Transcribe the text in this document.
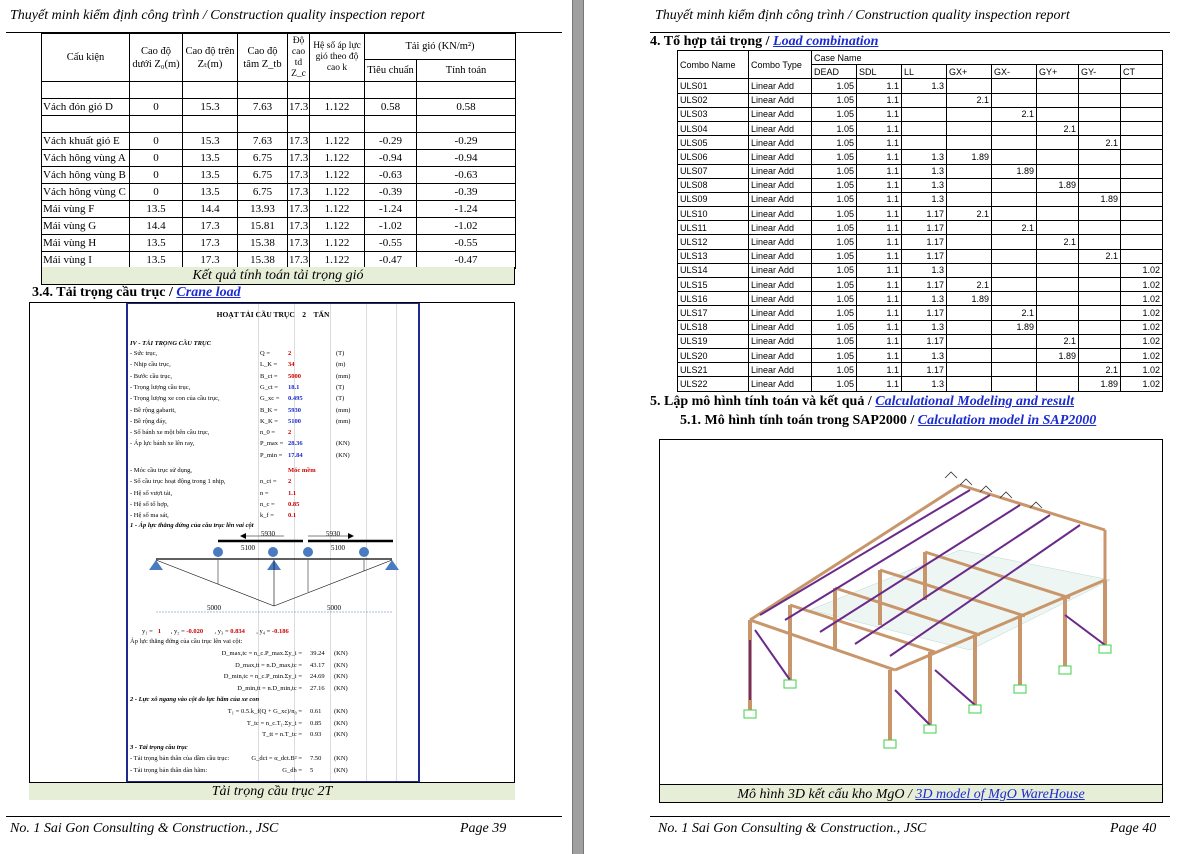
Thuyết minh kiểm định công trình / Construction quality inspection report
Cấu kiện	Cao độ dưới Z₀(m)	Cao độ trên Zₜ(m)	Cao độ tâm Z_tb	Độ cao td Z_c	Hệ số áp lực gió theo độ cao k	Tải gió (KN/m²)	
						Tiêu chuẩn	Tính toán

Vách đón gió D	0	15.3	7.63	17.3	1.122	0.58	0.58

Vách khuất gió E	0	15.3	7.63	17.3	1.122	-0.29	-0.29
Vách hông vùng A	0	13.5	6.75	17.3	1.122	-0.94	-0.94
Vách hông vùng B	0	13.5	6.75	17.3	1.122	-0.63	-0.63
Vách hông vùng C	0	13.5	6.75	17.3	1.122	-0.39	-0.39
Mái vùng F	13.5	14.4	13.93	17.3	1.122	-1.24	-1.24
Mái vùng G	14.4	17.3	15.81	17.3	1.122	-1.02	-1.02
Mái vùng H	13.5	17.3	15.38	17.3	1.122	-0.55	-0.55
Mái vùng I	13.5	17.3	15.38	17.3	1.122	-0.47	-0.47
Kết quả tính toán tải trọng gió
3.4. Tải trọng cầu trục / Crane load
HOẠT TẢI CẦU TRỤC 2 TẤN
IV - TẢI TRỌNG CẦU TRỤC
- Sức trục,	Q =	2	(T)
- Nhịp cầu trục,	L_K = 34	(m)
- Bước cầu trục,	B_ct = 5000	(mm)
- Trọng lượng cầu trục,	G_ct = 18.1	(T)
- Trọng lượng xe con của cầu trục,	G_xc = 0.495	(T)
- Bề rộng gabarit,	B_K = 5930	(mm)
- Bề rộng đáy,	K_K = 5100	(mm)
- Số bánh xe một bên cầu trục,	n_0 = 2
- Áp lực bánh xe lên ray,	P_max = 28.36	(KN)
P_min = 17.84	(KN)
- Móc cầu trục sử dụng,	Móc mềm
- Số cầu trục hoạt động trong 1 nhịp,	n_ct = 2
- Hệ số vượt tải,	n =	1.1
- Hệ số tổ hợp,	n_c = 0.85
- Hệ số ma sát,	k_f = 0.1
1 - Áp lực thẳng đứng của cầu trục lên vai cột
5930	5930
5100	5100
5000	5000
y₁ = 1 , y₂ = -0.020 , y₃ = 0.834 , y₄ = -0.186
Áp lực thẳng đứng của cầu trục lên vai cột:
D_max,tc = n_c.P_max.Σy_i = 39.24 (KN)
D_max,tt = n.D_max,tc = 43.17 (KN)
D_min,tc = n_c.P_min.Σy_i = 24.69 (KN)
D_min,tt = n.D_min,tc = 27.16 (KN)
2 - Lực xô ngang vào cột do lực hãm của xe con
T₁ = 0.5.k_f(Q + G_xc)/n₀ = 0.61 (KN)
T_tc = n_c.T₁.Σy_i = 0.85 (KN)
T_tt = n.T_tc = 0.93 (KN)
3 - Tải trọng cầu trục
- Tải trọng bản thân của dầm cầu trục:	G_dct = α_dct.B² = 7.50 (KN)
- Tải trọng bản thân dàn hãm:	G_dh = 5	(KN)
Tải trọng cầu trục 2T
No. 1 Sai Gon Consulting & Construction., JSC	Page 39
Thuyết minh kiểm định công trình / Construction quality inspection report
4. Tổ hợp tải trọng / Load combination
Combo Name	Combo Type	Case Name							
		DEAD	SDL	LL	GX+	GX-	GY+	GY-	CT
ULS01	Linear Add	1.05	1.1	1.3					
ULS02	Linear Add	1.05	1.1		2.1				
ULS03	Linear Add	1.05	1.1			2.1			
ULS04	Linear Add	1.05	1.1				2.1		
ULS05	Linear Add	1.05	1.1					2.1	
ULS06	Linear Add	1.05	1.1	1.3	1.89				
ULS07	Linear Add	1.05	1.1	1.3		1.89			
ULS08	Linear Add	1.05	1.1	1.3			1.89		
ULS09	Linear Add	1.05	1.1	1.3				1.89	
ULS10	Linear Add	1.05	1.1	1.17	2.1				
ULS11	Linear Add	1.05	1.1	1.17		2.1			
ULS12	Linear Add	1.05	1.1	1.17			2.1		
ULS13	Linear Add	1.05	1.1	1.17				2.1	
ULS14	Linear Add	1.05	1.1	1.3					1.02
ULS15	Linear Add	1.05	1.1	1.17	2.1				1.02
ULS16	Linear Add	1.05	1.1	1.3	1.89				1.02
ULS17	Linear Add	1.05	1.1	1.17		2.1			1.02
ULS18	Linear Add	1.05	1.1	1.3		1.89			1.02
ULS19	Linear Add	1.05	1.1	1.17			2.1		1.02
ULS20	Linear Add	1.05	1.1	1.3			1.89		1.02
ULS21	Linear Add	1.05	1.1	1.17				2.1	1.02
ULS22	Linear Add	1.05	1.1	1.3				1.89	1.02
5. Lập mô hình tính toán và kết quả / Calculational Modeling and result
5.1. Mô hình tính toán trong SAP2000 / Calculation model in SAP2000
Mô hình 3D kết cấu kho MgO / 3D model of MgO WareHouse
No. 1 Sai Gon Consulting & Construction., JSC	Page 40
